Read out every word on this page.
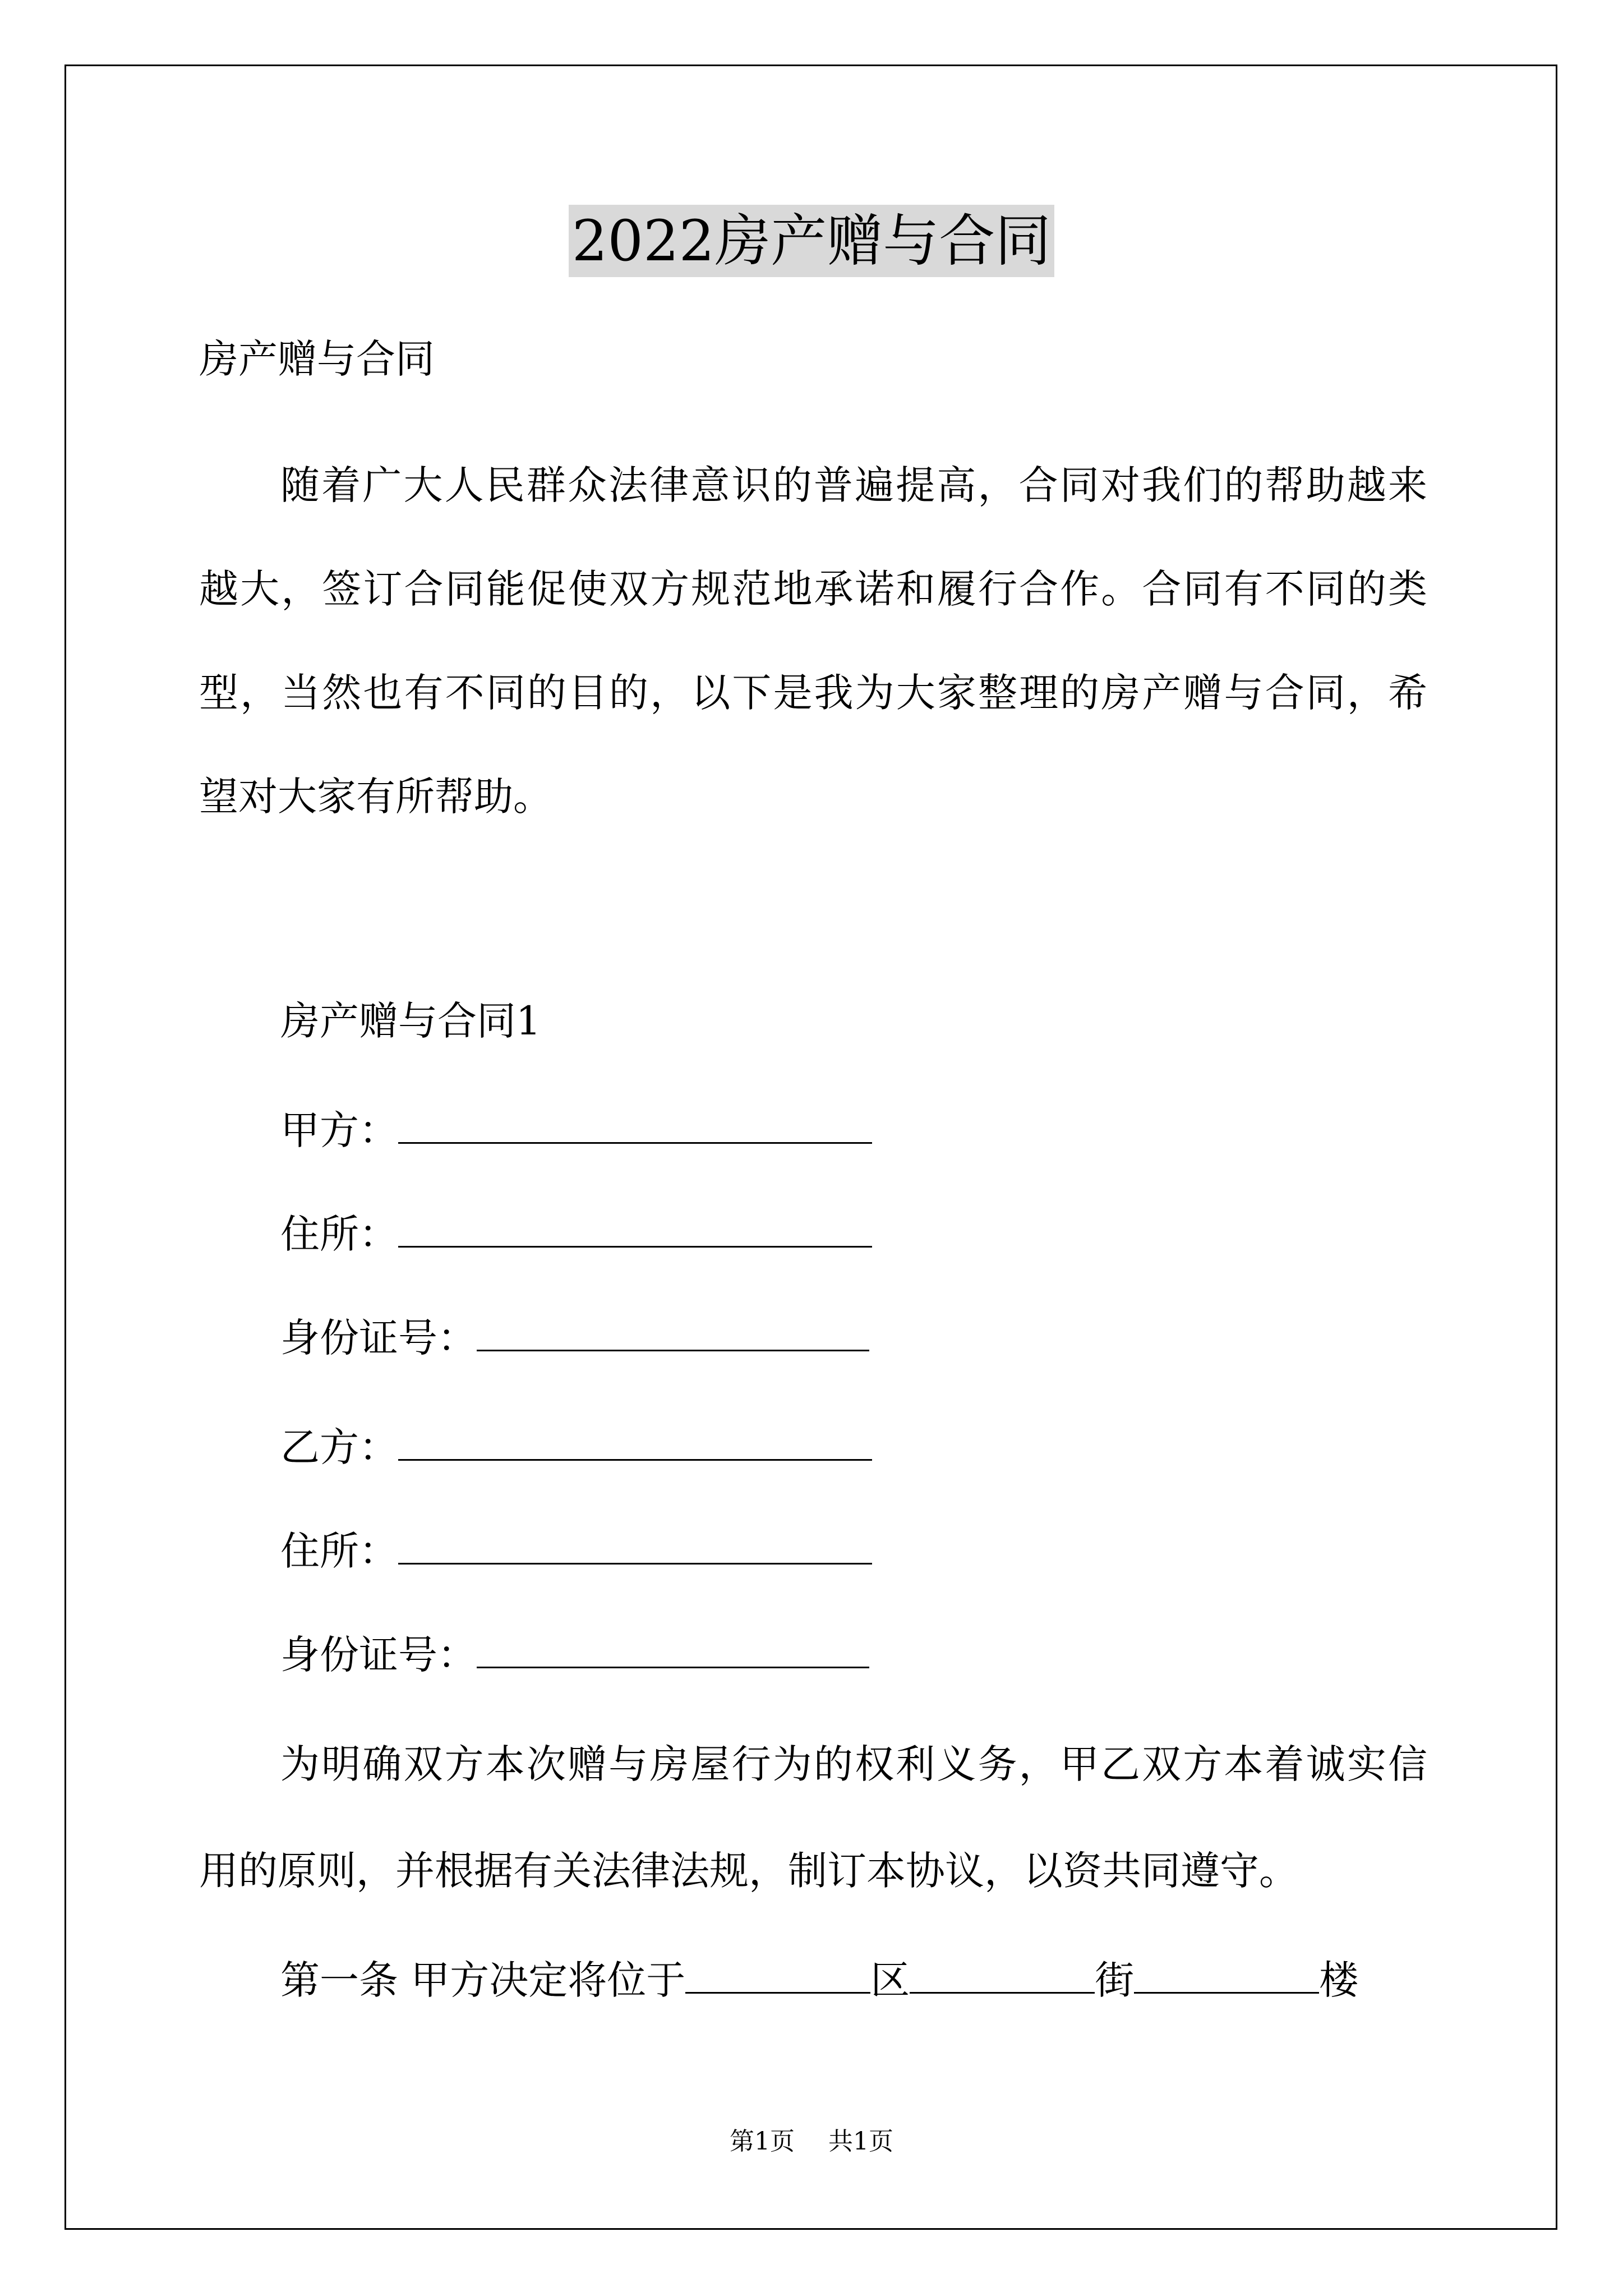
2022房产赠与合同
房产赠与合同
随着广大人民群众法律意识的普遍提高，合同对我们的帮助越来
越大，签订合同能促使双方规范地承诺和履行合作。合同有不同的类
型，当然也有不同的目的，以下是我为大家整理的房产赠与合同，希
望对大家有所帮助。
房产赠与合同1
甲方：
住所：
身份证号：
乙方：
住所：
身份证号：
为明确双方本次赠与房屋行为的权利义务，甲乙双方本着诚实信
用的原则，并根据有关法律法规，制订本协议，以资共同遵守。
第一条 甲方决定将位于	区	街	楼
第1页 共1页
